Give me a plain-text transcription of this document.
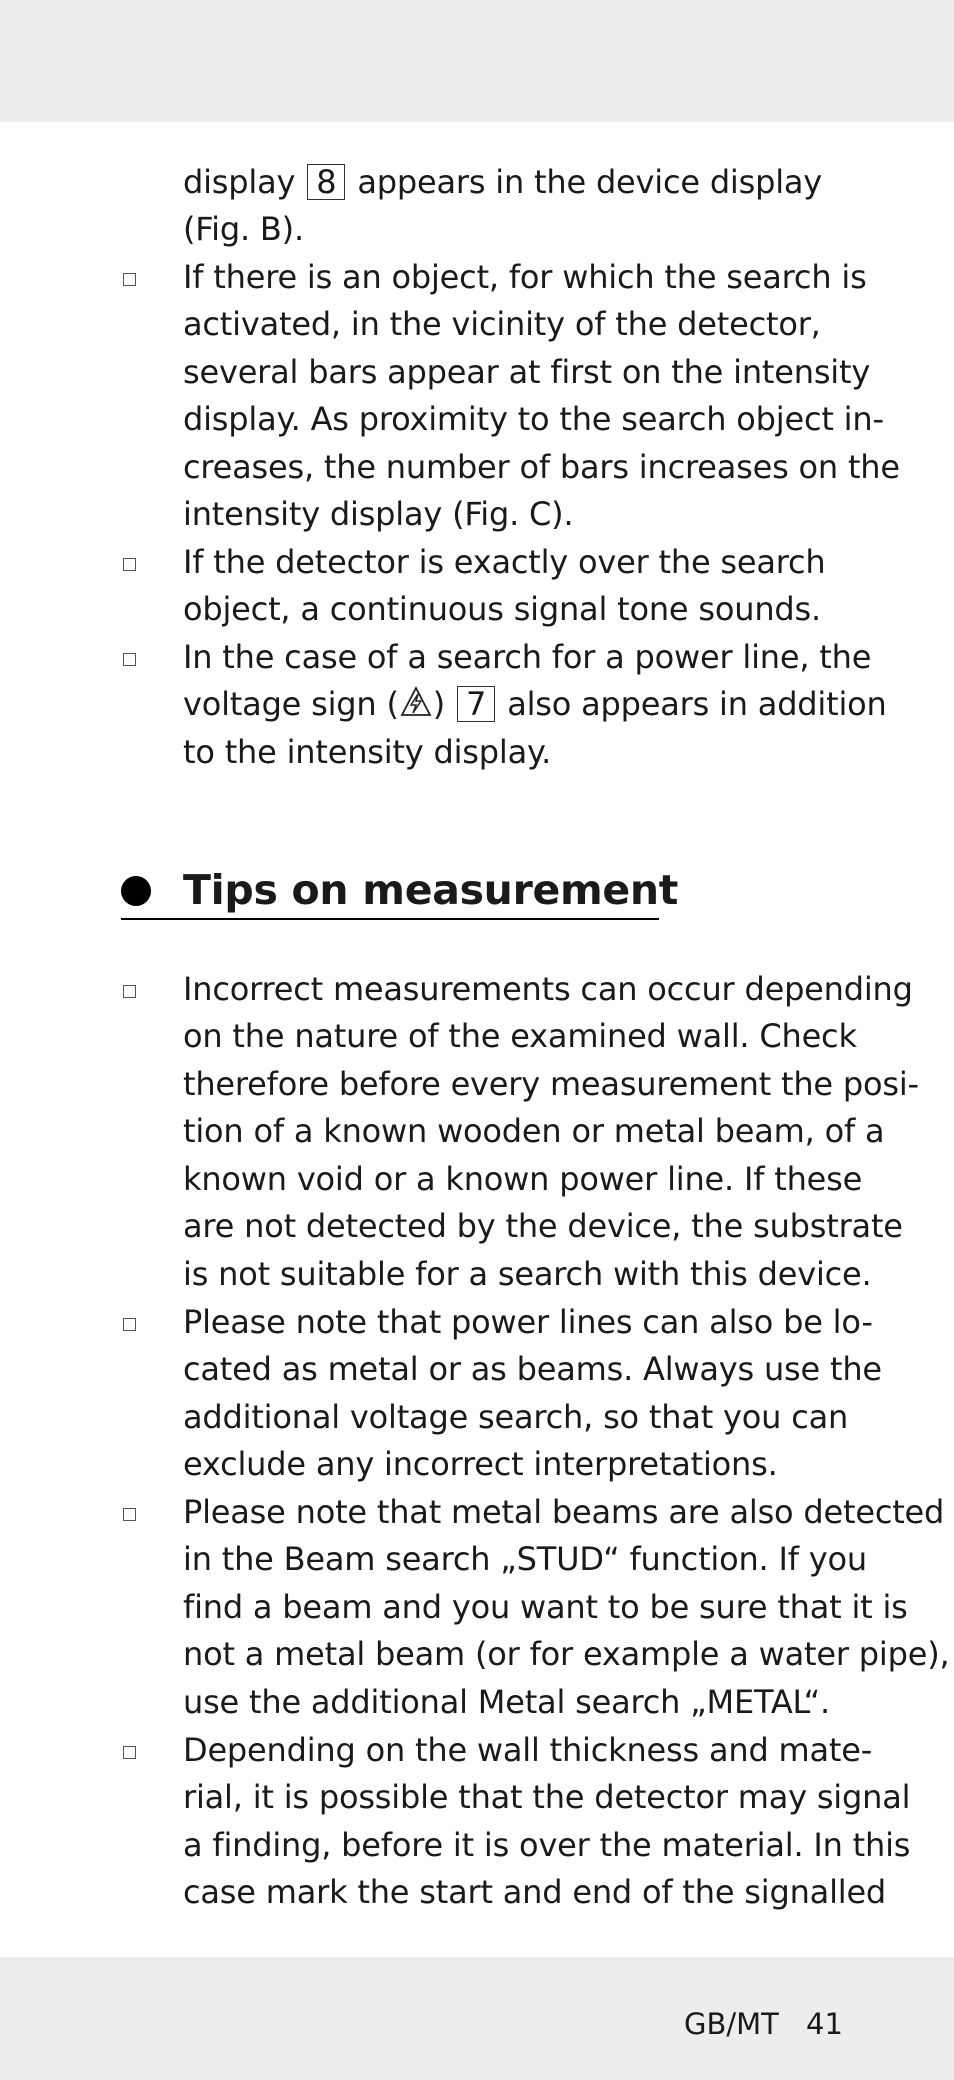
display 8 appears in the device display
(Fig. B).
If there is an object, for which the search is
activated, in the vicinity of the detector,
several bars appear at first on the intensity
display. As proximity to the search object in-
creases, the number of bars increases on the
intensity display (Fig. C).
If the detector is exactly over the search
object, a continuous signal tone sounds.
In the case of a search for a power line, the
voltage sign ( ) 7 also appears in addition
to the intensity display.
Tips on measurement
Incorrect measurements can occur depending
on the nature of the examined wall. Check
therefore before every measurement the posi-
tion of a known wooden or metal beam, of a
known void or a known power line. If these
are not detected by the device, the substrate
is not suitable for a search with this device.
Please note that power lines can also be lo-
cated as metal or as beams. Always use the
additional voltage search, so that you can
exclude any incorrect interpretations.
Please note that metal beams are also detected
in the Beam search „STUD“ function. If you
find a beam and you want to be sure that it is
not a metal beam (or for example a water pipe),
use the additional Metal search „METAL“.
Depending on the wall thickness and mate-
rial, it is possible that the detector may signal
a finding, before it is over the material. In this
case mark the start and end of the signalled
GB/MT 41
